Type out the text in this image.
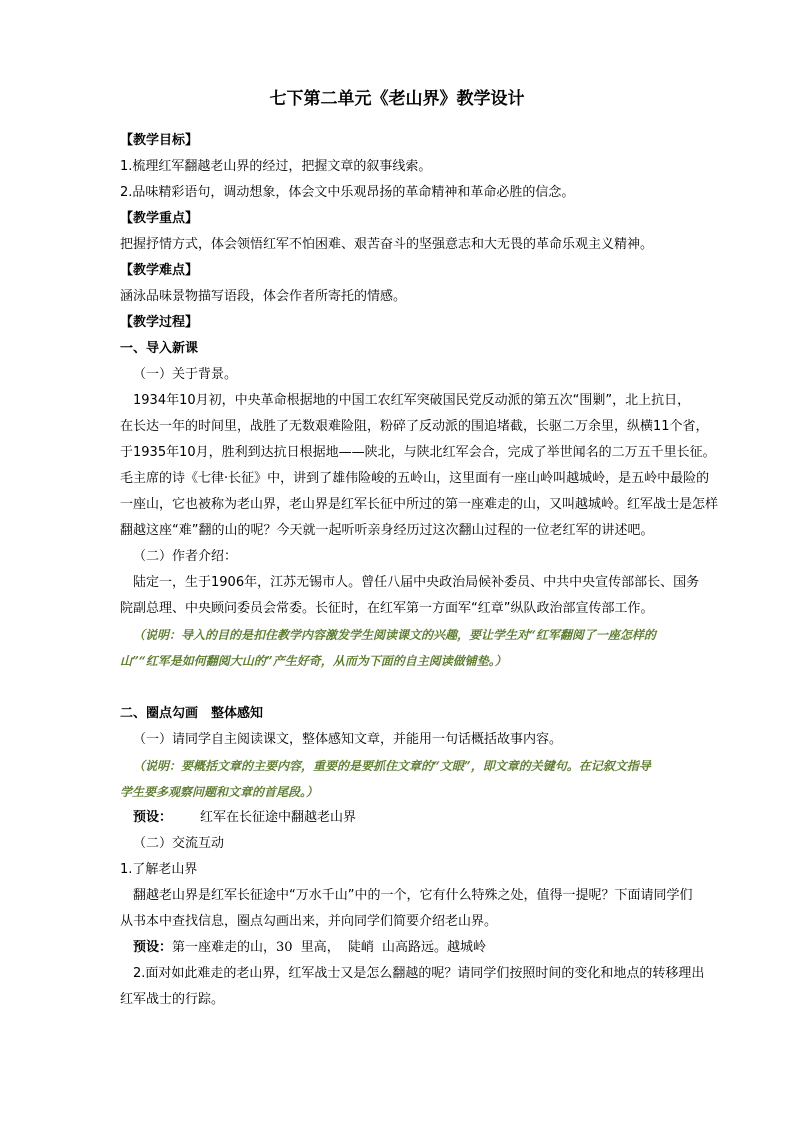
七下第二单元《老山界》教学设计

【教学目标】

1.梳理红军翻越老山界的经过，把握文章的叙事线索。

2.品味精彩语句，调动想象，体会文中乐观昂扬的革命精神和革命必胜的信念。

【教学重点】

把握抒情方式，体会领悟红军不怕困难、艰苦奋斗的坚强意志和大无畏的革命乐观主义精神。

【教学难点】

涵泳品味景物描写语段，体会作者所寄托的情感。

【教学过程】

一、导入新课

（一）关于背景。

1934年10月初，中央革命根据地的中国工农红军突破国民党反动派的第五次“围剿”，北上抗日，

在长达一年的时间里，战胜了无数艰难险阻，粉碎了反动派的围追堵截，长驱二万余里，纵横11个省，

于1935年10月，胜利到达抗日根据地——陕北，与陕北红军会合，完成了举世闻名的二万五千里长征。

毛主席的诗《七律·长征》中，讲到了雄伟险峻的五岭山，这里面有一座山岭叫越城岭，是五岭中最险的

一座山，它也被称为老山界，老山界是红军长征中所过的第一座难走的山，又叫越城岭。红军战士是怎样

翻越这座“难”翻的山的呢？今天就一起听听亲身经历过这次翻山过程的一位老红军的讲述吧。

（二）作者介绍：

陆定一，生于1906年，江苏无锡市人。曾任八届中央政治局候补委员、中共中央宣传部部长、国务

院副总理、中央顾问委员会常委。长征时，在红军第一方面军“红章”纵队政治部宣传部工作。

（说明：导入的目的是扣住教学内容激发学生阅读课文的兴趣，要让学生对“红军翻阅了一座怎样的

山”“红军是如何翻阅大山的”产生好奇，从而为下面的自主阅读做铺垫。）

二、圈点勾画　整体感知

（一）请同学自主阅读课文，整体感知文章，并能用一句话概括故事内容。

（说明：要概括文章的主要内容，重要的是要抓住文章的“文眼”，即文章的关键句。在记叙文指导

学生要多观察问题和文章的首尾段。）

预设： 红军在长征途中翻越老山界

（二）交流互动

1.了解老山界

翻越老山界是红军长征途中“万水千山”中的一个，它有什么特殊之处，值得一提呢？下面请同学们

从书本中查找信息，圈点勾画出来，并向同学们简要介绍老山界。

预设：第一座难走的山，30 里高， 陡峭 山高路远。越城岭

2.面对如此难走的老山界，红军战士又是怎么翻越的呢？请同学们按照时间的变化和地点的转移理出

红军战士的行踪。
